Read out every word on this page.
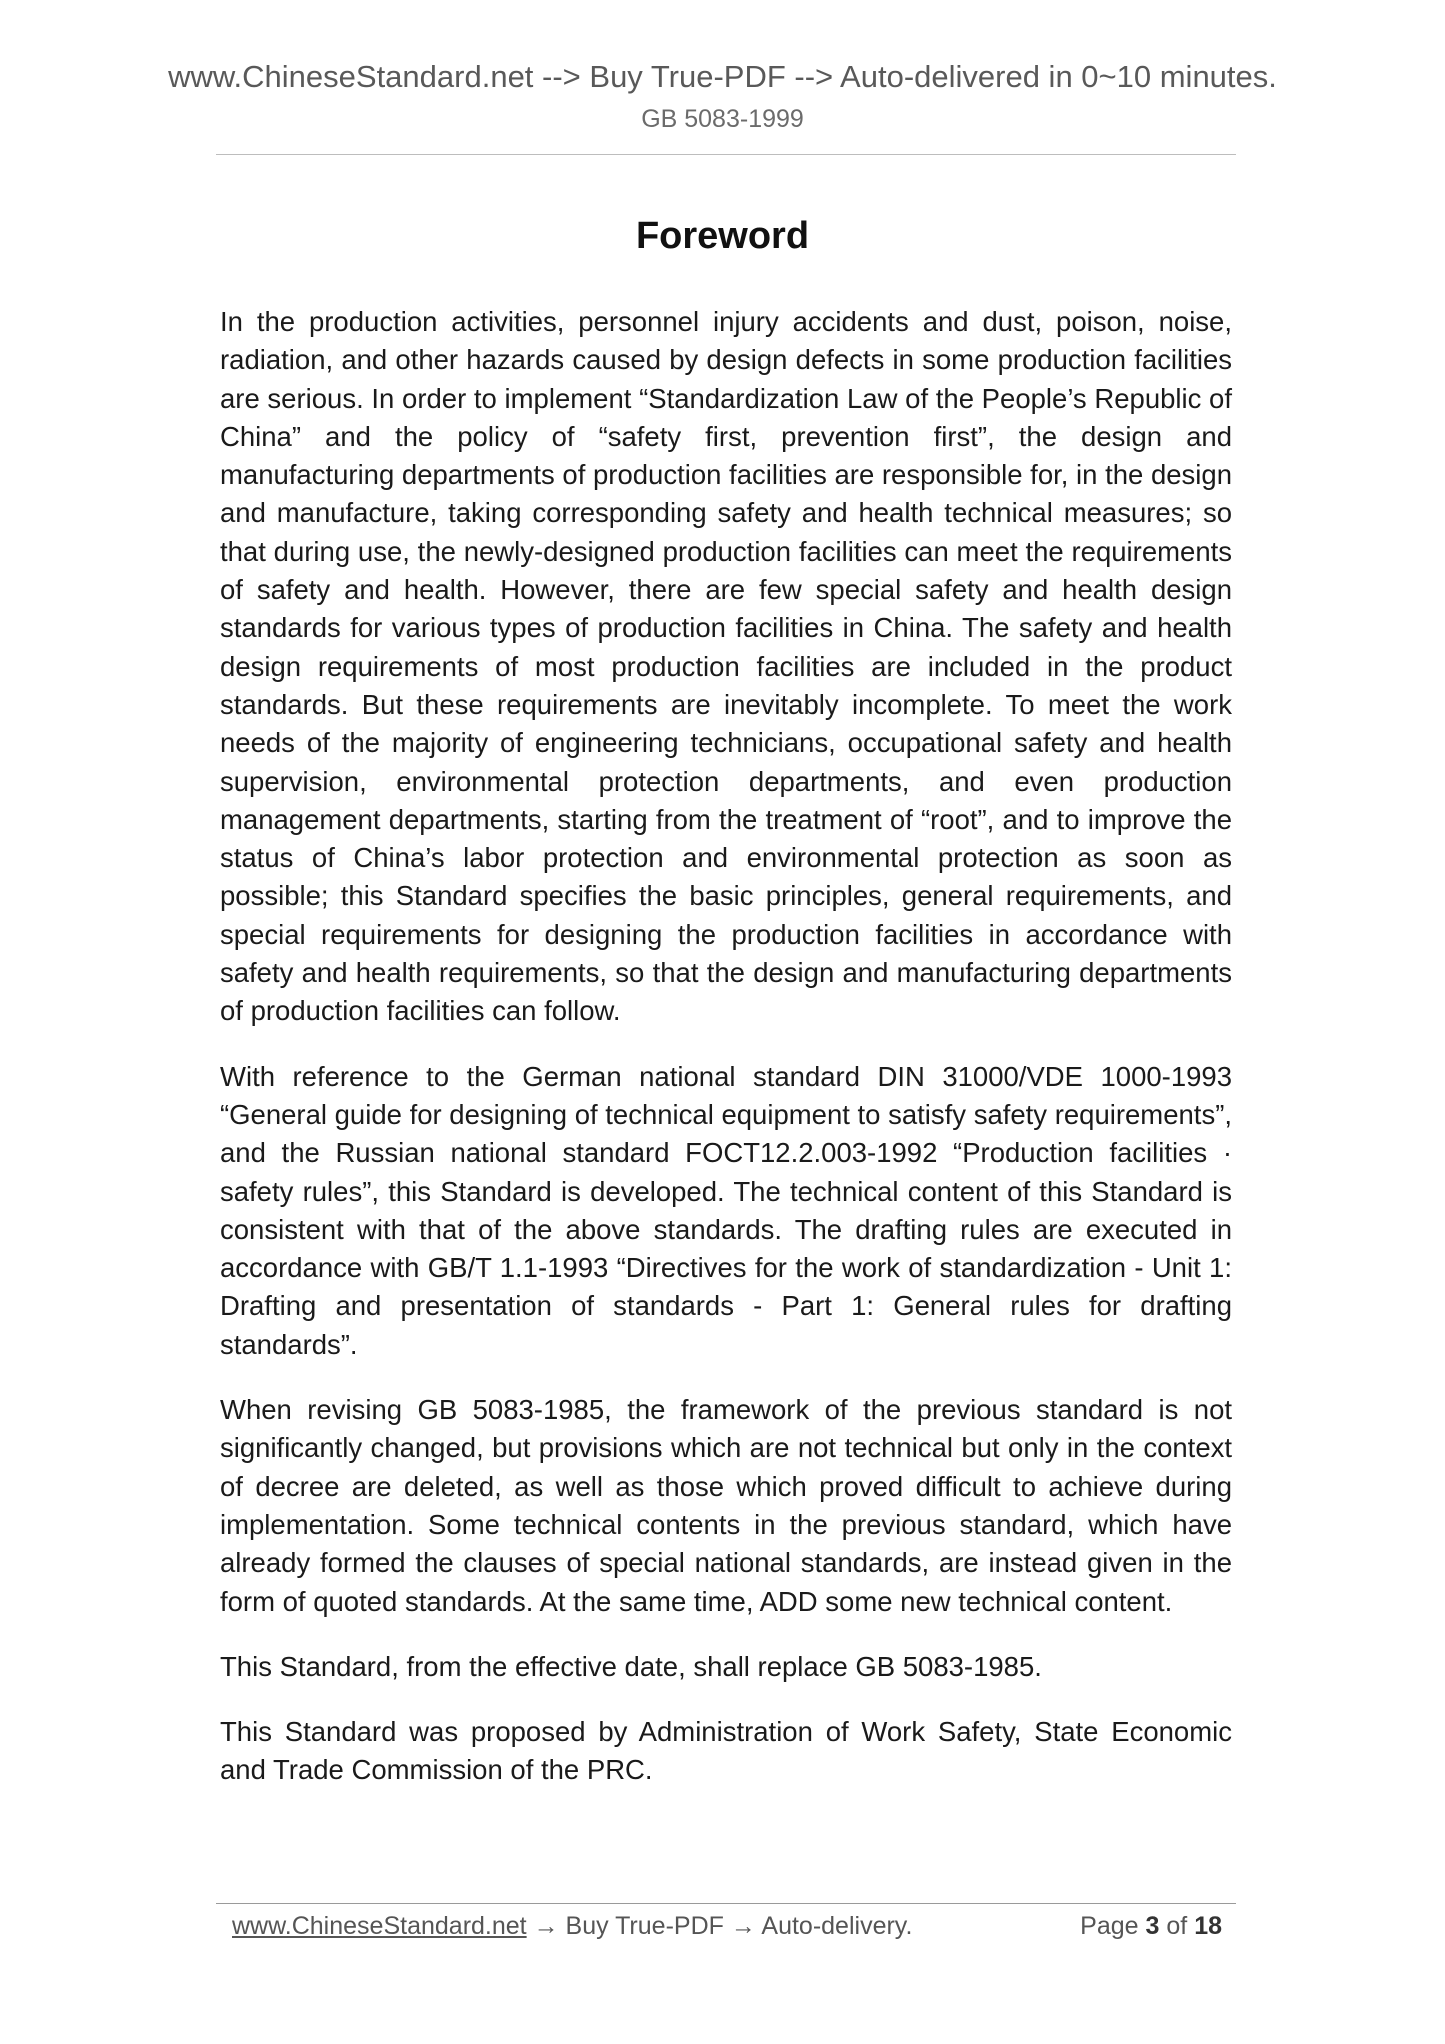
www.ChineseStandard.net --> Buy True-PDF --> Auto-delivered in 0~10 minutes.
GB 5083-1999
Foreword

In the production activities, personnel injury accidents and dust, poison, noise, radiation, and other hazards caused by design defects in some production facilities are serious. In order to implement “Standardization Law of the People’s Republic of China” and the policy of “safety first, prevention first”, the design and manufacturing departments of production facilities are responsible for, in the design and manufacture, taking corresponding safety and health technical measures; so that during use, the newly-designed production facilities can meet the requirements of safety and health. However, there are few special safety and health design standards for various types of production facilities in China. The safety and health design requirements of most production facilities are included in the product standards. But these requirements are inevitably incomplete. To meet the work needs of the majority of engineering technicians, occupational safety and health supervision, environmental protection departments, and even production management departments, starting from the treatment of “root”, and to improve the status of China’s labor protection and environmental protection as soon as possible; this Standard specifies the basic principles, general requirements, and special requirements for designing the production facilities in accordance with safety and health requirements, so that the design and manufacturing departments of production facilities can follow.

With reference to the German national standard DIN 31000/VDE 1000-1993 “General guide for designing of technical equipment to satisfy safety requirements”, and the Russian national standard FOCT12.2.003-1992 “Production facilities · safety rules”, this Standard is developed. The technical content of this Standard is consistent with that of the above standards. The drafting rules are executed in accordance with GB/T 1.1-1993 “Directives for the work of standardization - Unit 1: Drafting and presentation of standards - Part 1: General rules for drafting standards”.

When revising GB 5083-1985, the framework of the previous standard is not significantly changed, but provisions which are not technical but only in the context of decree are deleted, as well as those which proved difficult to achieve during implementation. Some technical contents in the previous standard, which have already formed the clauses of special national standards, are instead given in the form of quoted standards. At the same time, ADD some new technical content.

This Standard, from the effective date, shall replace GB 5083-1985.

This Standard was proposed by Administration of Work Safety, State Economic and Trade Commission of the PRC.

www.ChineseStandard.net → Buy True-PDF → Auto-delivery.	Page 3 of 18
